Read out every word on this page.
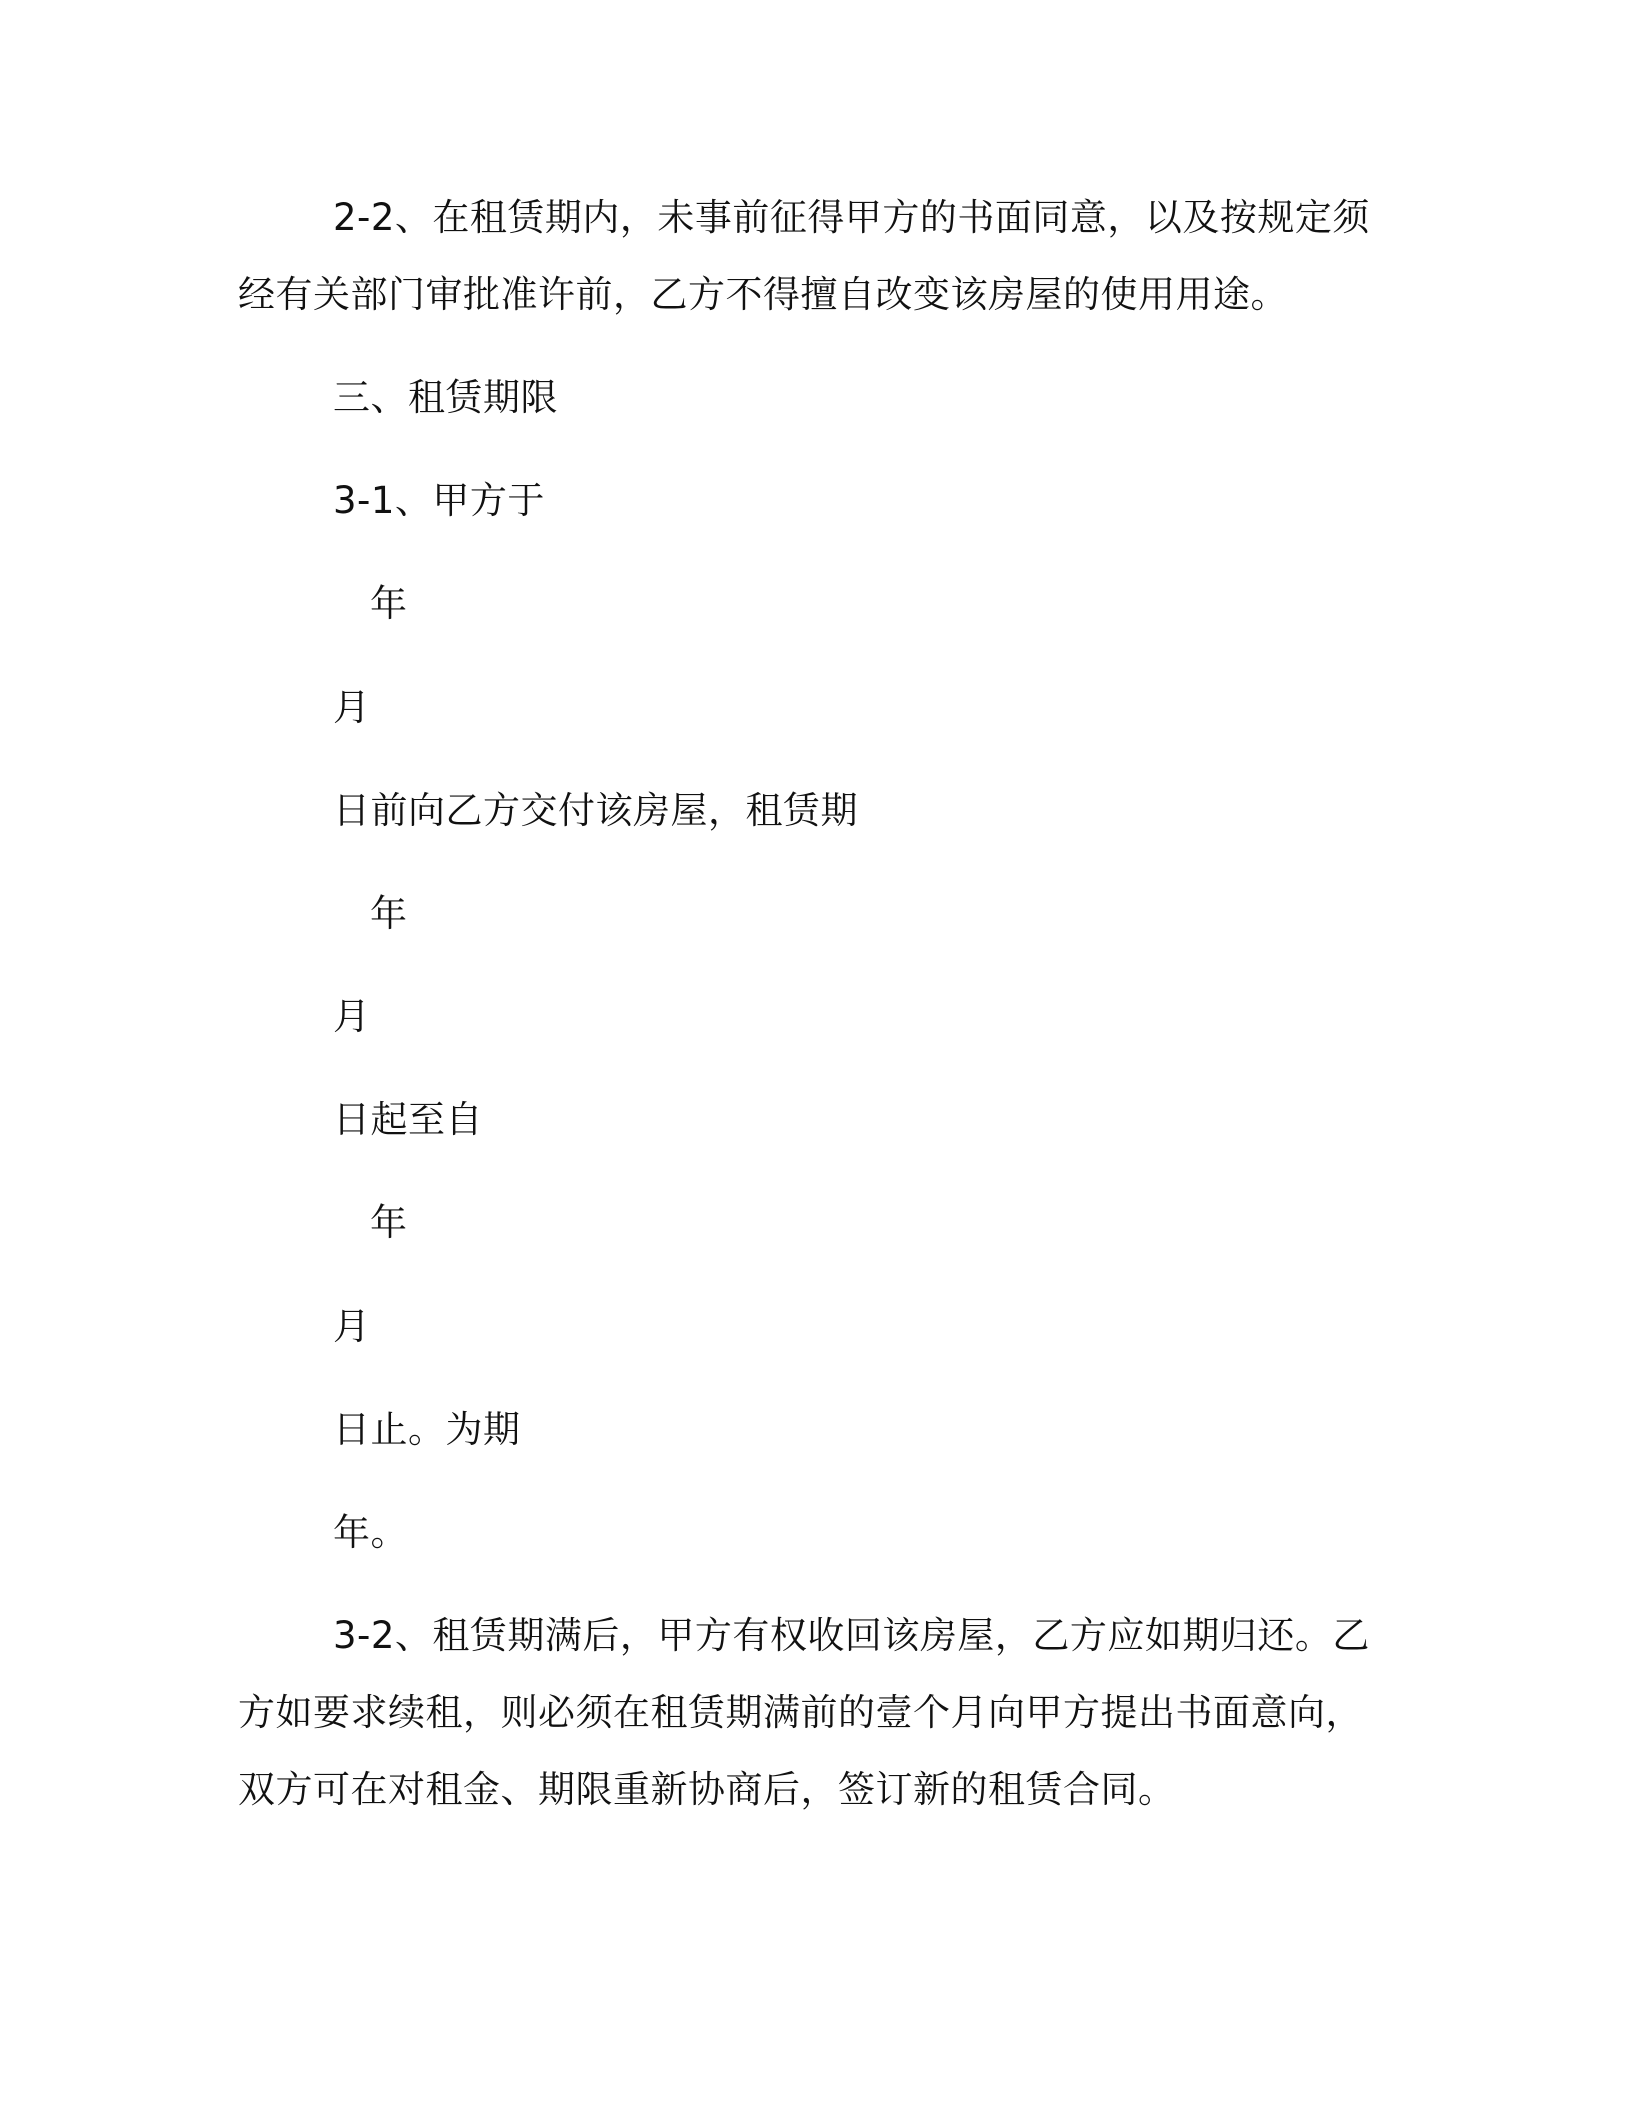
2-2、在租赁期内，未事前征得甲方的书面同意，以及按规定须
经有关部门审批准许前，乙方不得擅自改变该房屋的使用用途。
三、租赁期限
3-1、甲方于
年
月
日前向乙方交付该房屋，租赁期
年
月
日起至自
年
月
日止。为期
年。
3-2、租赁期满后，甲方有权收回该房屋，乙方应如期归还。乙
方如要求续租，则必须在租赁期满前的壹个月向甲方提出书面意向，
双方可在对租金、期限重新协商后，签订新的租赁合同。
